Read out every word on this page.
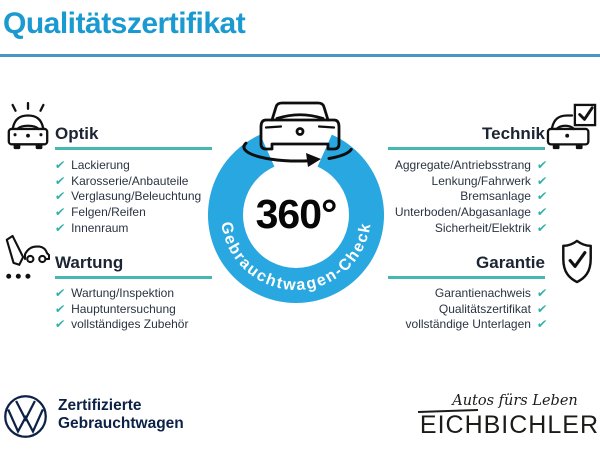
Qualitätszertifikat
Optik
✔ Lackierung
✔ Karosserie/Anbauteile
✔ Verglasung/Beleuchtung
✔ Felgen/Reifen
✔ Innenraum
Wartung
✔ Wartung/Inspektion
✔ Hauptuntersuchung
✔ vollständiges Zubehör
Technik
✔
Aggregate/Antriebsstrang
✔
Lenkung/Fahrwerk
✔
Bremsanlage
✔
Unterboden/Abgasanlage
✔
Sicherheit/Elektrik
Garantie
✔
Garantienachweis
✔
Qualitätszertifikat
✔
vollständige Unterlagen
Gebrauchtwagen-Check
360°
Zertifizierte
Gebrauchtwagen
Autos fürs Leben
EICHBICHLER
